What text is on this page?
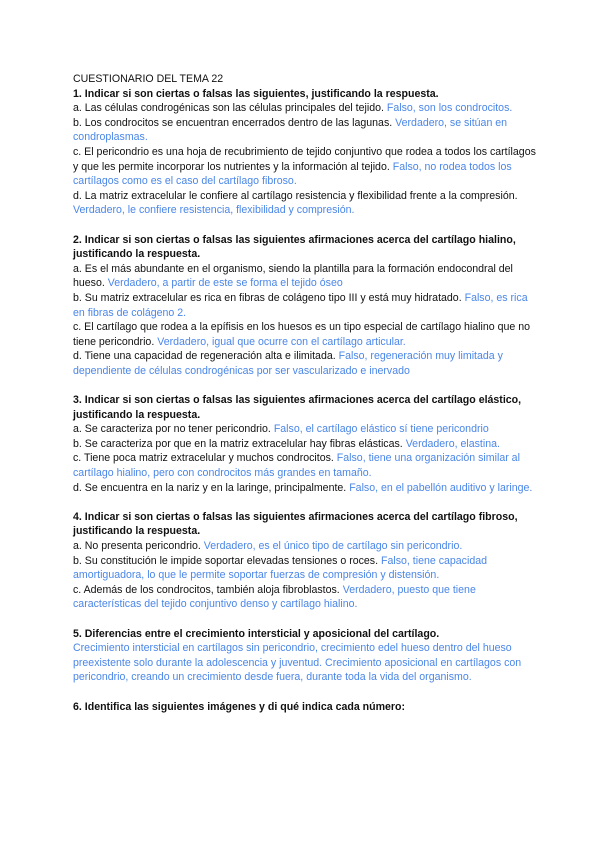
CUESTIONARIO DEL TEMA 22

1. Indicar si son ciertas o falsas las siguientes, justificando la respuesta.

a. Las células condrogénicas son las células principales del tejido. Falso, son los condrocitos.

b. Los condrocitos se encuentran encerrados dentro de las lagunas. Verdadero, se sitúan en condroplasmas.

c. El pericondrio es una hoja de recubrimiento de tejido conjuntivo que rodea a todos los cartílagos y que les permite incorporar los nutrientes y la información al tejido. Falso, no rodea todos los cartílagos como es el caso del cartílago fibroso.

d. La matriz extracelular le confiere al cartílago resistencia y flexibilidad frente a la compresión. Verdadero, le confiere resistencia, flexibilidad y compresión.

2. Indicar si son ciertas o falsas las siguientes afirmaciones acerca del cartílago hialino, justificando la respuesta.

a. Es el más abundante en el organismo, siendo la plantilla para la formación endocondral del hueso. Verdadero, a partir de este se forma el tejido óseo

b. Su matriz extracelular es rica en fibras de colágeno tipo III y está muy hidratado. Falso, es rica en fibras de colágeno 2.

c. El cartílago que rodea a la epífisis en los huesos es un tipo especial de cartílago hialino que no tiene pericondrio. Verdadero, igual que ocurre con el cartílago articular.

d. Tiene una capacidad de regeneración alta e ilimitada. Falso, regeneración muy limitada y dependiente de células condrogénicas por ser vascularizado e inervado

3. Indicar si son ciertas o falsas las siguientes afirmaciones acerca del cartílago elástico, justificando la respuesta.

a. Se caracteriza por no tener pericondrio. Falso, el cartílago elástico sí tiene pericondrio

b. Se caracteriza por que en la matriz extracelular hay fibras elásticas. Verdadero, elastina.

c. Tiene poca matriz extracelular y muchos condrocitos. Falso, tiene una organización similar al cartílago hialino, pero con condrocitos más grandes en tamaño.

d. Se encuentra en la nariz y en la laringe, principalmente. Falso, en el pabellón auditivo y laringe.

4. Indicar si son ciertas o falsas las siguientes afirmaciones acerca del cartílago fibroso, justificando la respuesta.

a. No presenta pericondrio. Verdadero, es el único tipo de cartílago sin pericondrio.

b. Su constitución le impide soportar elevadas tensiones o roces. Falso, tiene capacidad amortiguadora, lo que le permite soportar fuerzas de compresión y distensión.

c. Además de los condrocitos, también aloja fibroblastos. Verdadero, puesto que tiene características del tejido conjuntivo denso y cartílago hialino.

5. Diferencias entre el crecimiento intersticial y aposicional del cartílago.

Crecimiento intersticial en cartílagos sin pericondrio, crecimiento edel hueso dentro del hueso preexistente solo durante la adolescencia y juventud. Crecimiento aposicional en cartílagos con pericondrio, creando un crecimiento desde fuera, durante toda la vida del organismo.

6. Identifica las siguientes imágenes y di qué indica cada número:
